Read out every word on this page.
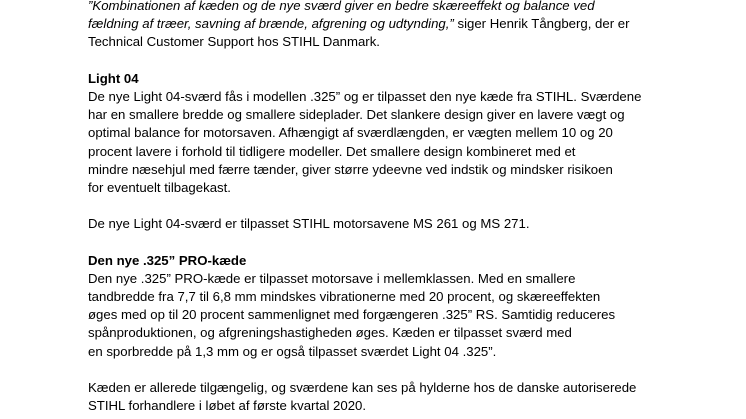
”Kombinationen af kæden og de nye sværd giver en bedre skæreeffekt og balance ved
fældning af træer, savning af brænde, afgrening og udtynding,” siger Henrik Tångberg, der er
Technical Customer Support hos STIHL Danmark.
Light 04
De nye Light 04-sværd fås i modellen .325” og er tilpasset den nye kæde fra STIHL. Sværdene
har en smallere bredde og smallere sideplader. Det slankere design giver en lavere vægt og
optimal balance for motorsaven. Afhængigt af sværdlængden, er vægten mellem 10 og 20
procent lavere i forhold til tidligere modeller. Det smallere design kombineret med et
mindre næsehjul med færre tænder, giver større ydeevne ved indstik og mindsker risikoen
for eventuelt tilbagekast.
De nye Light 04-sværd er tilpasset STIHL motorsavene MS 261 og MS 271.
Den nye .325” PRO-kæde
Den nye .325” PRO-kæde er tilpasset motorsave i mellemklassen. Med en smallere
tandbredde fra 7,7 til 6,8 mm mindskes vibrationerne med 20 procent, og skæreeffekten
øges med op til 20 procent sammenlignet med forgængeren .325” RS. Samtidig reduceres
spånproduktionen, og afgreningshastigheden øges. Kæden er tilpasset sværd med
en sporbredde på 1,3 mm og er også tilpasset sværdet Light 04 .325”.
Kæden er allerede tilgængelig, og sværdene kan ses på hylderne hos de danske autoriserede
STIHL forhandlere i løbet af første kvartal 2020.
